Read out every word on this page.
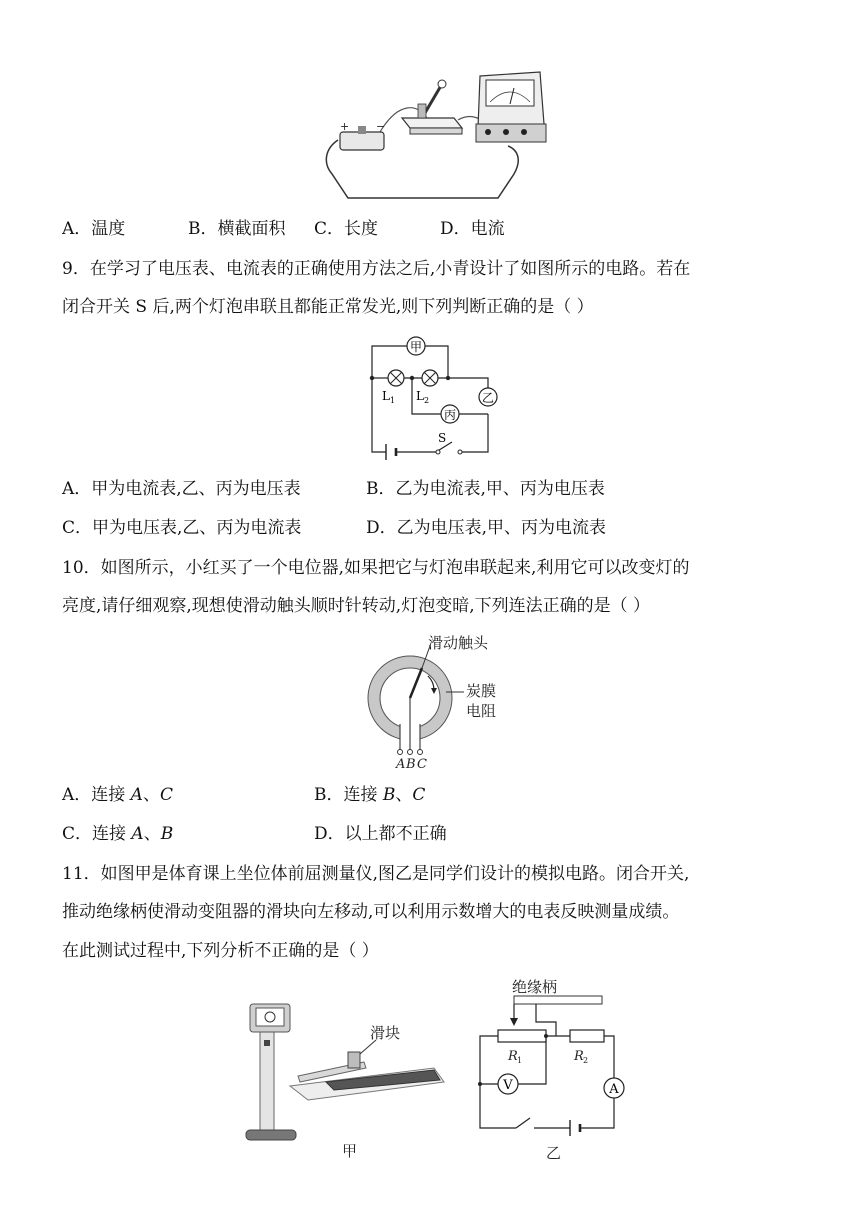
+ −
A．温度	B．横截面积 C．长度	D．电流
9．在学习了电压表、电流表的正确使用方法之后,小青设计了如图所示的电路。若在
闭合开关 S 后,两个灯泡串联且都能正常发光,则下列判断正确的是（ ）
甲
乙
丙
L 1 L 2
S
A．甲为电流表,乙、丙为电压表	B．乙为电流表,甲、丙为电压表
C．甲为电压表,乙、丙为电流表	D．乙为电压表,甲、丙为电流表
10．如图所示，小红买了一个电位器,如果把它与灯泡串联起来,利用它可以改变灯的
亮度,请仔细观察,现想使滑动触头顺时针转动,灯泡变暗,下列连法正确的是（ ）
滑动触头
炭膜
电阻
A B C
A．连接 𝐴、𝐶	B．连接 𝐵、𝐶
C．连接 𝐴、𝐵	D．以上都不正确
11．如图甲是体育课上坐位体前屈测量仪,图乙是同学们设计的模拟电路。闭合开关,
推动绝缘柄使滑动变阻器的滑块向左移动,可以利用示数增大的电表反映测量成绩。
在此测试过程中,下列分析不正确的是（ ）
滑块
甲
绝缘柄
V	A
R 1	R 2
乙
